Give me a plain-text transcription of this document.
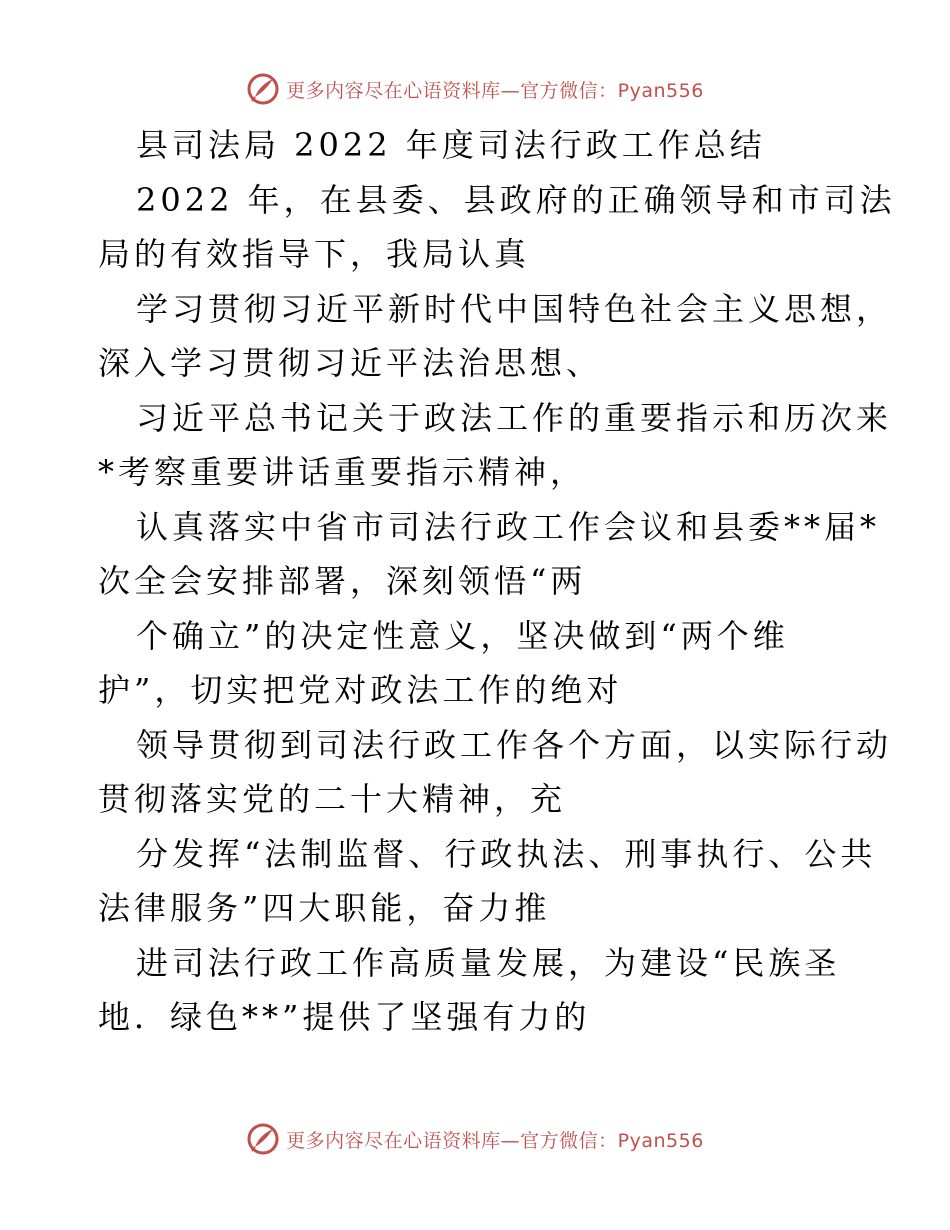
更多内容尽在心语资料库—官方微信：Pyan556
县司法局 2022 年度司法行政工作总结
2022 年，在县委、县政府的正确领导和市司法
局的有效指导下，我局认真
学习贯彻习近平新时代中国特色社会主义思想，
深入学习贯彻习近平法治思想、
习近平总书记关于政法工作的重要指示和历次来
*考察重要讲话重要指示精神，
认真落实中省市司法行政工作会议和县委**届*
次全会安排部署，深刻领悟“两
个确立”的决定性意义，坚决做到“两个维
护”，切实把党对政法工作的绝对
领导贯彻到司法行政工作各个方面，以实际行动
贯彻落实党的二十大精神，充
分发挥“法制监督、行政执法、刑事执行、公共
法律服务”四大职能，奋力推
进司法行政工作高质量发展，为建设“民族圣
地．绿色**”提供了坚强有力的
更多内容尽在心语资料库—官方微信：Pyan556
